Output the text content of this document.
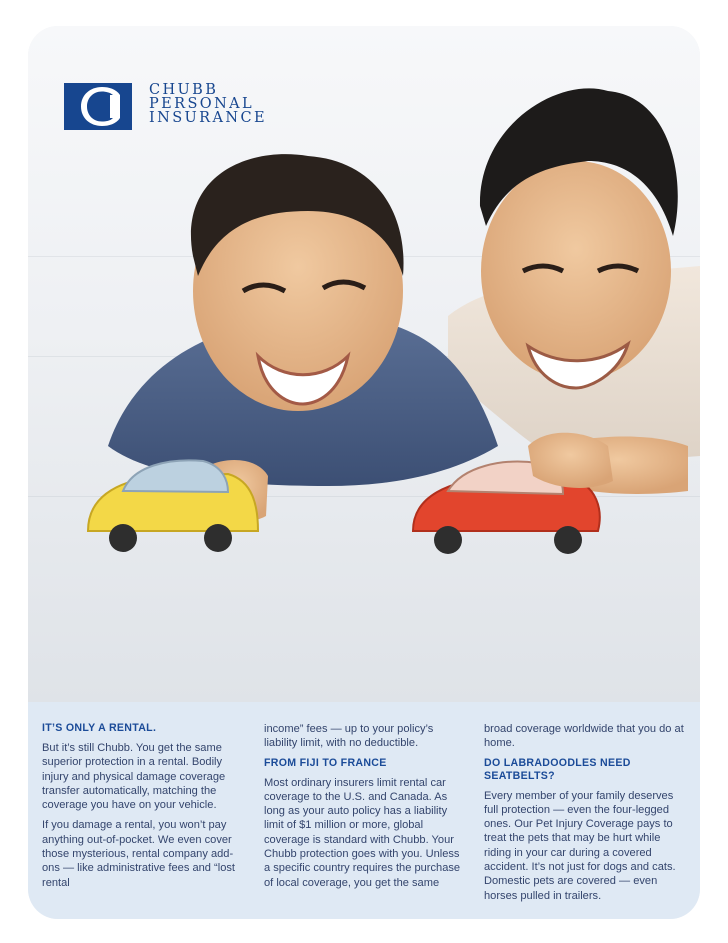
CHUBB
PERSONAL
INSURANCE
IT’S ONLY A RENTAL.

But it’s still Chubb. You get the same superior protection in a rental. Bodily injury and physical damage coverage transfer automatically, matching the coverage you have on your vehicle.

If you damage a rental, you won’t pay anything out-of-pocket. We even cover those mysterious, rental company add-ons — like administrative fees and “lost rental

income” fees — up to your policy’s liability limit, with no deductible.

FROM FIJI TO FRANCE

Most ordinary insurers limit rental car coverage to the U.S. and Canada. As long as your auto policy has a liability limit of $1 million or more, global coverage is standard with Chubb. Your Chubb protection goes with you. Unless a specific country requires the purchase of local coverage, you get the same

broad coverage worldwide that you do at home.

DO LABRADOODLES NEED SEATBELTS?

Every member of your family deserves full protection — even the four-legged ones. Our Pet Injury Coverage pays to treat the pets that may be hurt while riding in your car during a covered accident. It’s not just for dogs and cats. Domestic pets are covered — even horses pulled in trailers.
